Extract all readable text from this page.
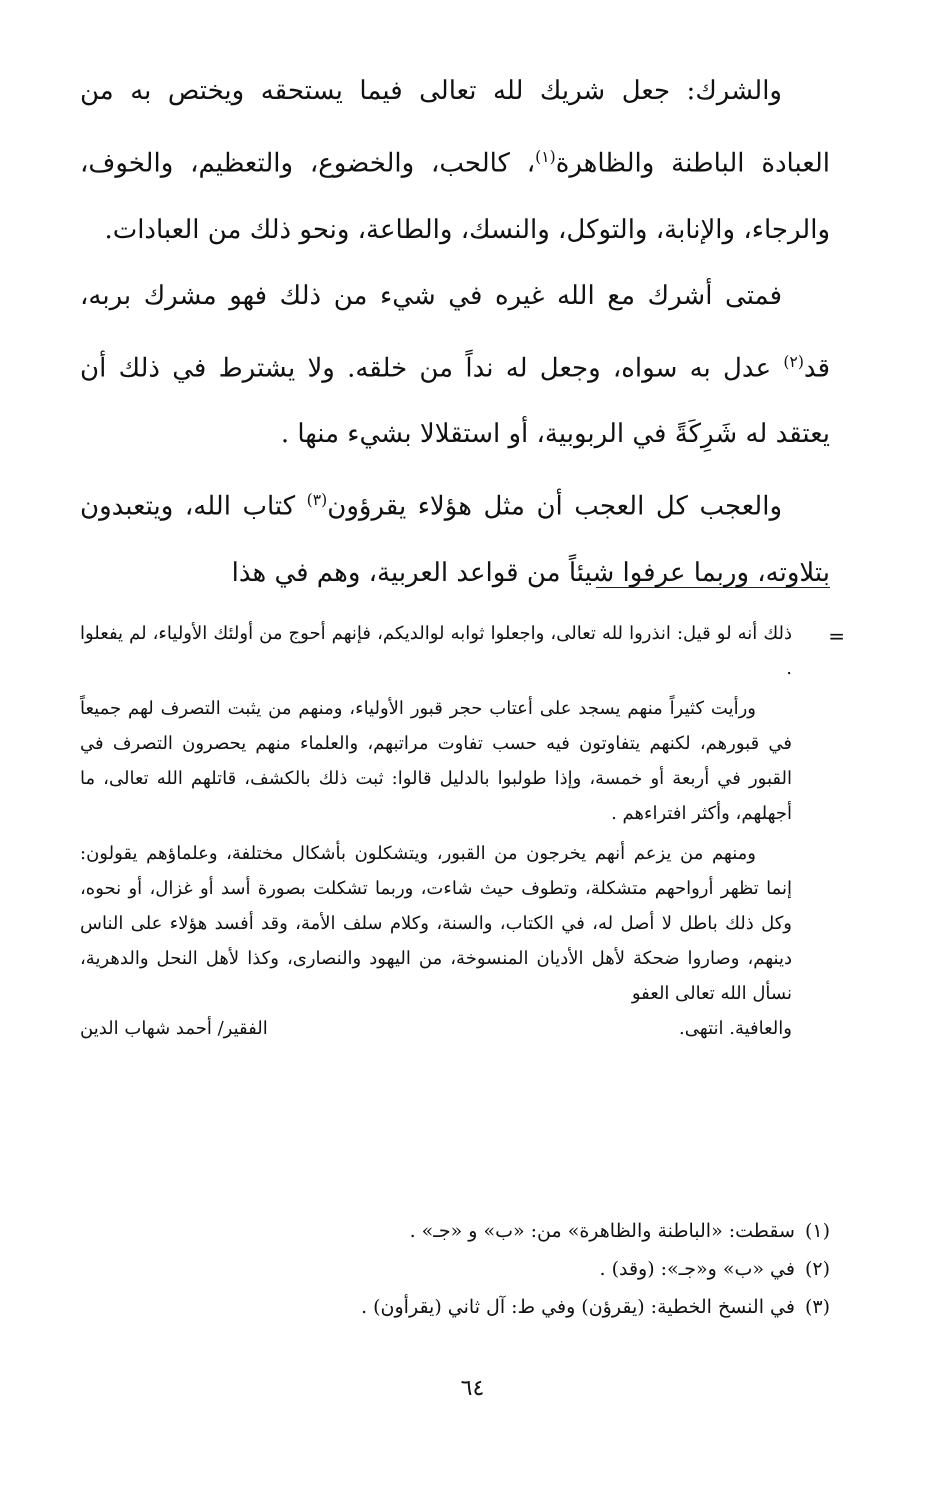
والشرك: جعل شريك لله تعالى فيما يستحقه ويختص به من العبادة الباطنة والظاهرة$^{(١)}$، كالحب، والخضوع، والتعظيم، والخوف، والرجاء، والإنابة، والتوكل، والنسك، والطاعة، ونحو ذلك من العبادات.

فمتى أشرك مع الله غيره في شيء من ذلك فهو مشرك بربه، قد$^{(٢)}$ عدل به سواه، وجعل له نداً من خلقه. ولا يشترط في ذلك أن يعتقد له شَرِكَةً في الربوبية، أو استقلالا بشيء منها .

والعجب كل العجب أن مثل هؤلاء يقرؤون$^{(٣)}$ كتاب الله، ويتعبدون بتلاوته، وربما عرفوا شيئاً من قواعد العربية، وهم في هذا

=

ذلك أنه لو قيل: انذروا لله تعالى، واجعلوا ثوابه لوالديكم، فإنهم أحوج من أولئك الأولياء، لم يفعلوا .

ورأيت كثيراً منهم يسجد على أعتاب حجر قبور الأولياء، ومنهم من يثبت التصرف لهم جميعاً في قبورهم، لكنهم يتفاوتون فيه حسب تفاوت مراتبهم، والعلماء منهم يحصرون التصرف في القبور في أربعة أو خمسة، وإذا طولبوا بالدليل قالوا: ثبت ذلك بالكشف، قاتلهم الله تعالى، ما أجهلهم، وأكثر افتراءهم .

ومنهم من يزعم أنهم يخرجون من القبور، ويتشكلون بأشكال مختلفة، وعلماؤهم يقولون: إنما تظهر أرواحهم متشكلة، وتطوف حيث شاءت، وربما تشكلت بصورة أسد أو غزال، أو نحوه، وكل ذلك باطل لا أصل له، في الكتاب، والسنة، وكلام سلف الأمة، وقد أفسد هؤلاء على الناس دينهم، وصاروا ضحكة لأهل الأديان المنسوخة، من اليهود والنصارى، وكذا لأهل النحل والدهرية، نسأل الله تعالى العفو

والعافية. انتهى.
الفقير/ أحمد شهاب الدين
(١)
سقطت: «الباطنة والظاهرة» من: «ب» و «جـ» .
(٢)
في «ب» و«جـ»: (وقد) .
(٣)
في النسخ الخطية: (يقرؤن) وفي ط: آل ثاني (يقرأون) .
٦٤
